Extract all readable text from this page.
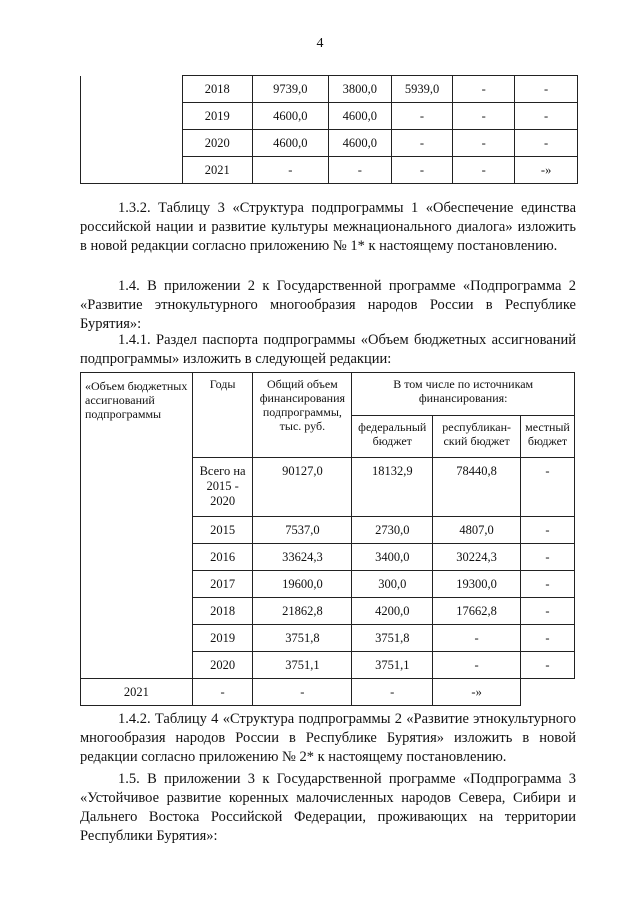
4
	2018	9739,0	3800,0	5939,0	-	-
	2019	4600,0	4600,0	-	-	-
	2020	4600,0	4600,0	-	-	-
	2021	-	-	-	-	-»
1.3.2. Таблицу 3 «Структура подпрограммы 1 «Обеспечение единства российской нации и развитие культуры межнационального диалога» изложить в новой редакции согласно приложению № 1* к настоящему постановлению.
1.4. В приложении 2 к Государственной программе «Подпрограмма 2 «Развитие этнокультурного многообразия народов России в Республике Бурятия»:
1.4.1. Раздел паспорта подпрограммы «Объем бюджетных ассигнований подпрограммы» изложить в следующей редакции:
«Объем бюджетных ассигнований подпрограммы	Годы	Общий объем финансирования подпрограммы, тыс. руб.	В том числе по источникам финансирования:		
			федеральный бюджет	республикан-ский бюджет	местный бюджет
	Всего на 2015 - 2020	90127,0	18132,9	78440,8	-
	2015	7537,0	2730,0	4807,0	-
	2016	33624,3	3400,0	30224,3	-
	2017	19600,0	300,0	19300,0	-
	2018	21862,8	4200,0	17662,8	-
	2019	3751,8	3751,8	-	-
	2020	3751,1	3751,1	-	-
2021	-	-	-	-»	
1.4.2. Таблицу 4 «Структура подпрограммы 2 «Развитие этнокультурного многообразия народов России в Республике Бурятия» изложить в новой редакции согласно приложению № 2* к настоящему постановлению.
1.5. В приложении 3 к Государственной программе «Подпрограмма 3 «Устойчивое развитие коренных малочисленных народов Севера, Сибири и Дальнего Востока Российской Федерации, проживающих на территории Республики Бурятия»:
